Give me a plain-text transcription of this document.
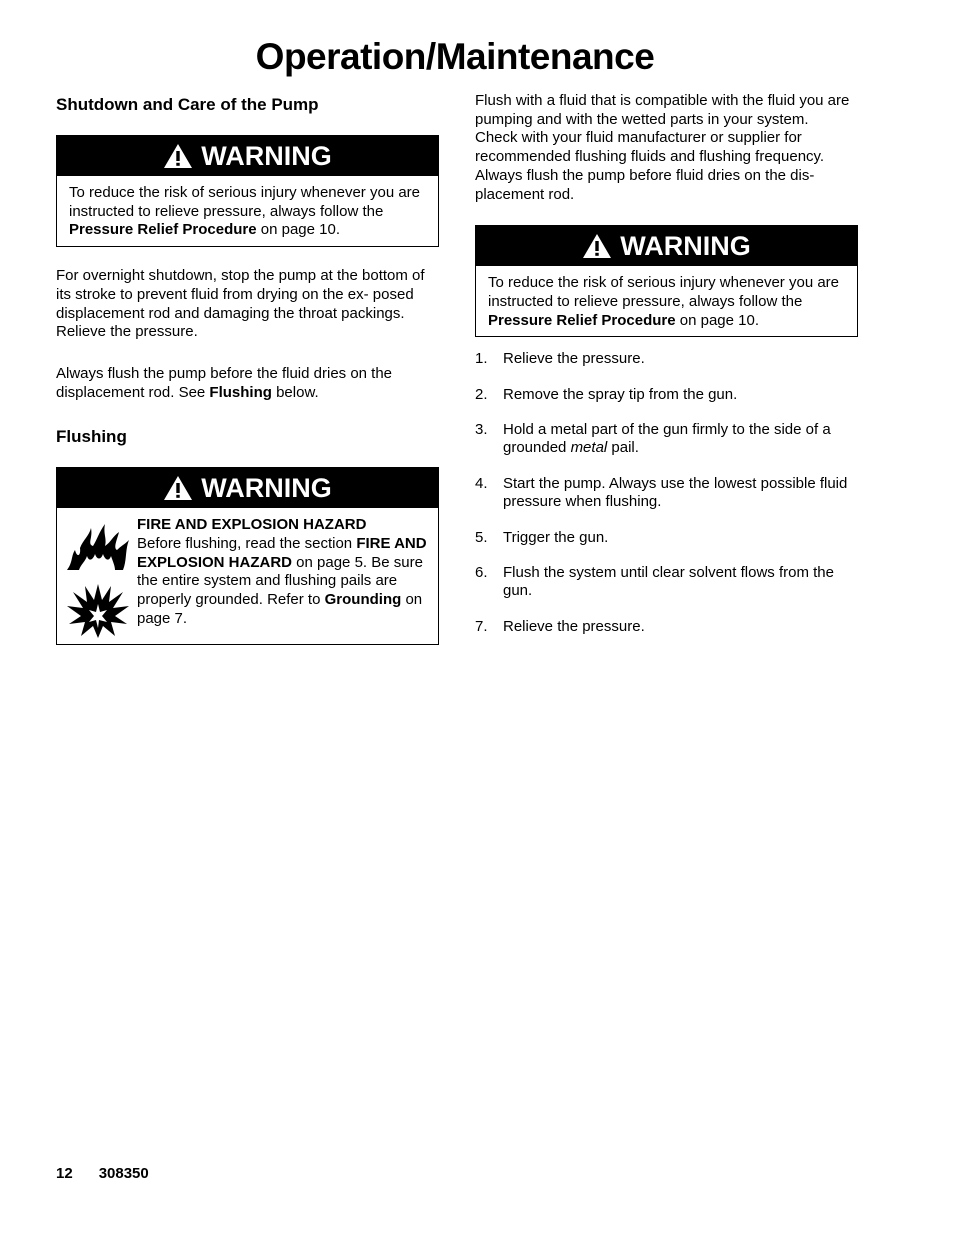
Operation/Maintenance
Shutdown and Care of the Pump
WARNING
To reduce the risk of serious injury whenever you are instructed to relieve pressure, always follow the Pressure Relief Procedure on page 10.

For overnight shutdown, stop the pump at the bottom of its stroke to prevent fluid from drying on the ex- posed displacement rod and damaging the throat packings. Relieve the pressure.

Always flush the pump before the fluid dries on the displacement rod. See Flushing below.

Flushing
WARNING
FIRE AND EXPLOSION HAZARD
Before flushing, read the section FIRE AND EXPLOSION HAZARD on page 5. Be sure the entire system and flushing pails are properly grounded. Refer to Grounding on page 7.

Flush with a fluid that is compatible with the fluid you are pumping and with the wetted parts in your system. Check with your fluid manufacturer or supplier for recommended flushing fluids and flushing frequency. Always flush the pump before fluid dries on the dis- placement rod.

WARNING
To reduce the risk of serious injury whenever you are instructed to relieve pressure, always follow the Pressure Relief Procedure on page 10.
1.	Relieve the pressure.
2.	Remove the spray tip from the gun.
3.	Hold a metal part of the gun firmly to the side of a grounded metal pail.
4.	Start the pump. Always use the lowest possible fluid pressure when flushing.
5.	Trigger the gun.
6.	Flush the system until clear solvent flows from the gun.
7.	Relieve the pressure.
12 308350
